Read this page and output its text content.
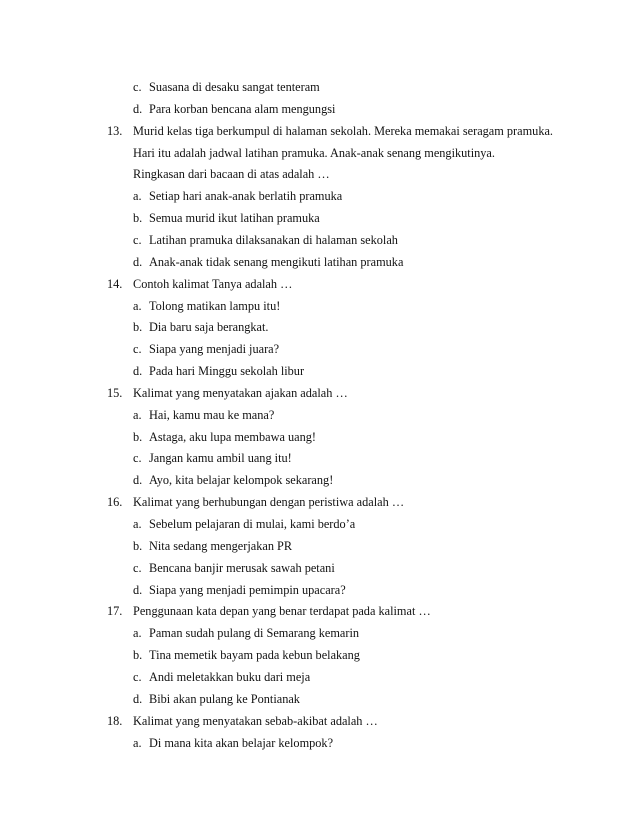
c. Suasana di desaku sangat tenteram
d. Para korban bencana alam mengungsi
13. Murid kelas tiga berkumpul di halaman sekolah. Mereka memakai seragam pramuka.
Hari itu adalah jadwal latihan pramuka. Anak-anak senang mengikutinya.
Ringkasan dari bacaan di atas adalah …
a. Setiap hari anak-anak berlatih pramuka
b. Semua murid ikut latihan pramuka
c. Latihan pramuka dilaksanakan di halaman sekolah
d. Anak-anak tidak senang mengikuti latihan pramuka
14. Contoh kalimat Tanya adalah …
a. Tolong matikan lampu itu!
b. Dia baru saja berangkat.
c. Siapa yang menjadi juara?
d. Pada hari Minggu sekolah libur
15. Kalimat yang menyatakan ajakan adalah …
a. Hai, kamu mau ke mana?
b. Astaga, aku lupa membawa uang!
c. Jangan kamu ambil uang itu!
d. Ayo, kita belajar kelompok sekarang!
16. Kalimat yang berhubungan dengan peristiwa adalah …
a. Sebelum pelajaran di mulai, kami berdo’a
b. Nita sedang mengerjakan PR
c. Bencana banjir merusak sawah petani
d. Siapa yang menjadi pemimpin upacara?
17. Penggunaan kata depan yang benar terdapat pada kalimat …
a. Paman sudah pulang di Semarang kemarin
b. Tina memetik bayam pada kebun belakang
c. Andi meletakkan buku dari meja
d. Bibi akan pulang ke Pontianak
18. Kalimat yang menyatakan sebab-akibat adalah …
a. Di mana kita akan belajar kelompok?
